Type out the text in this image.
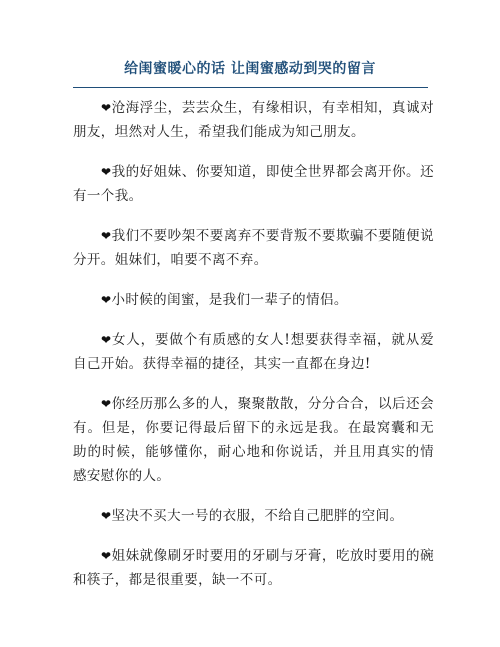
给闺蜜暖心的话 让闺蜜感动到哭的留言

❤沧海浮尘，芸芸众生，有缘相识，有幸相知，真诚对朋友，坦然对人生，希望我们能成为知己朋友。

❤我的好姐妹、你要知道，即使全世界都会离开你。还有一个我。

❤我们不要吵架不要离弃不要背叛不要欺骗不要随便说分开。姐妹们，咱要不离不弃。

❤小时候的闺蜜，是我们一辈子的情侣。

❤女人，要做个有质感的女人!想要获得幸福，就从爱自己开始。获得幸福的捷径，其实一直都在身边!

❤你经历那么多的人，聚聚散散，分分合合，以后还会有。但是，你要记得最后留下的永远是我。在最窝囊和无助的时候，能够懂你，耐心地和你说话，并且用真实的情感安慰你的人。

❤坚决不买大一号的衣服，不给自己肥胖的空间。

❤姐妹就像刷牙时要用的牙刷与牙膏，吃放时要用的碗和筷子，都是很重要，缺一不可。
